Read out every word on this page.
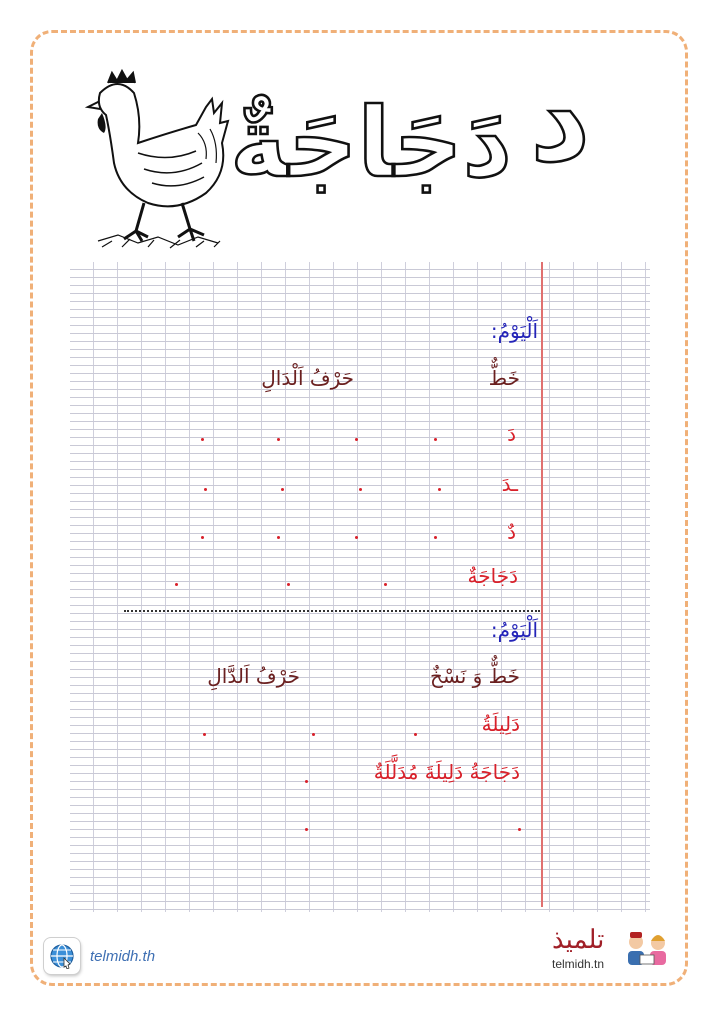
دَجَاجَةٌ د
اَلْيَوْمُ:
خَطٌّ
حَرْفُ اَلْدَالِ
دَ
ـدَ
دٌ
دَجَاجَةٌ
اَلْيَوْمُ:
خَطٌّ وَ نَسْخٌ
حَرْفُ اَلدَّالِ
دَلِيلَةُ
دَجَاجَةُ دَلِيلَةَ مُدَلَّلَةٌ
telmidh.th
تلميذ
telmidh.tn
